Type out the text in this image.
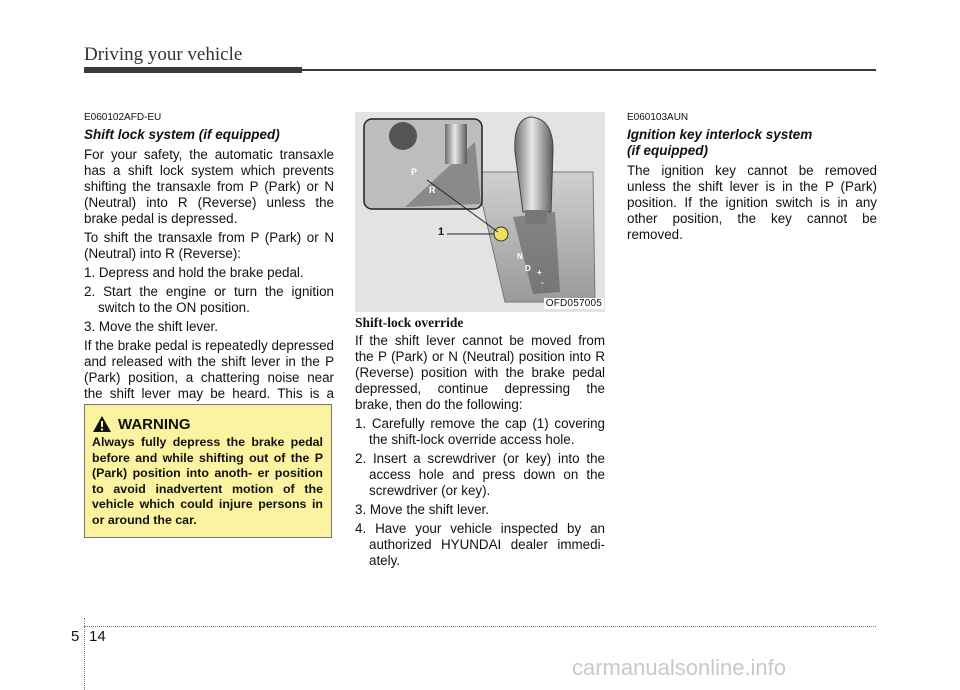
Driving your vehicle

E060102AFD-EU

Shift lock system (if equipped)

For your safety, the automatic transaxle has a shift lock system which prevents shifting the transaxle from P (Park) or N (Neutral) into R (Reverse) unless the brake pedal is depressed.

To shift the transaxle from P (Park) or N (Neutral) into R (Reverse):

1. Depress and hold the brake pedal.
2. Start the engine or turn the ignition switch to the ON position.
3. Move the shift lever.

If the brake pedal is repeatedly depressed and released with the shift lever in the P (Park) position, a chattering noise near the shift lever may be heard. This is a

WARNING
Always fully depress the brake pedal before and while shifting out of the P (Park) position into anoth- er position to avoid inadvertent motion of the vehicle which could injure persons in or around the car.
P
R
N
D +
-
1
OFD057005

Shift-lock override

If the shift lever cannot be moved from the P (Park) or N (Neutral) position into R (Reverse) position with the brake pedal depressed, continue depressing the brake, then do the following:

1. Carefully remove the cap (1) covering the shift-lock override access hole.
2. Insert a screwdriver (or key) into the access hole and press down on the screwdriver (or key).
3. Move the shift lever.
4. Have your vehicle inspected by an authorized HYUNDAI dealer immedi- ately.

E060103AUN

Ignition key interlock system

(if equipped)

The ignition key cannot be removed unless the shift lever is in the P (Park) position. If the ignition switch is in any other position, the key cannot be removed.

5 14
carmanualsonline.info
